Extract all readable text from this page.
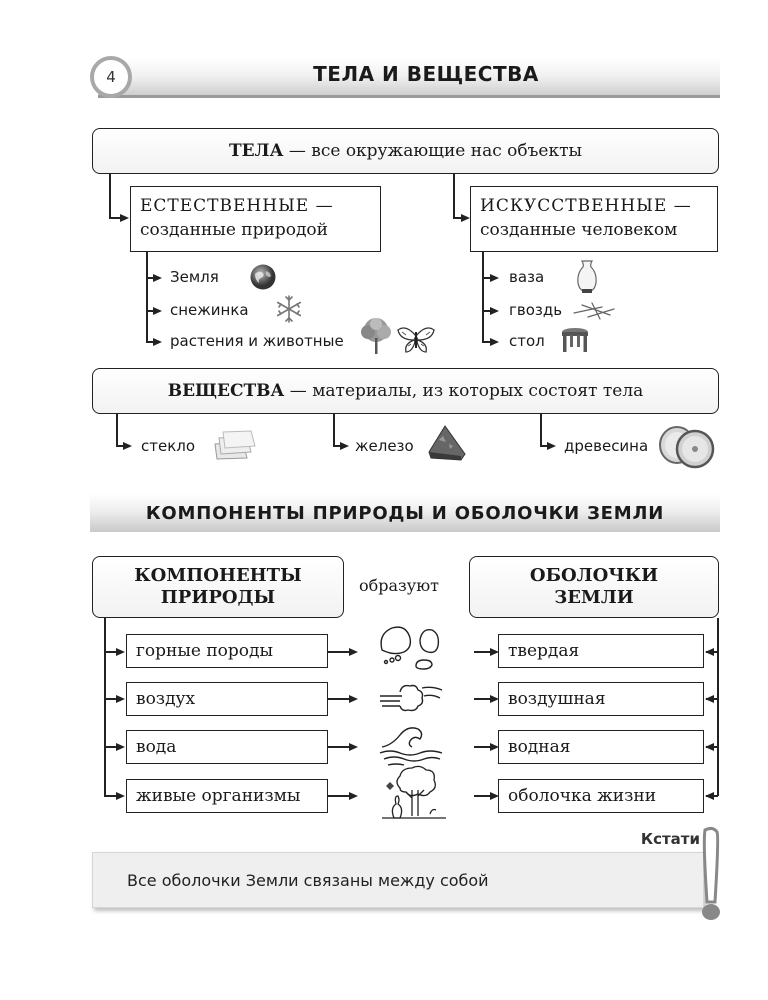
4	ТЕЛА И ВЕЩЕСТВА
ТЕЛА — все окружающие нас объекты
ЕСТЕСТВЕННЫЕ —
созданные природой
ИСКУССТВЕННЫЕ —
созданные человеком
Земля
снежинка
растения и животные
ваза
гвоздь
стол
ВЕЩЕСТВА — материалы, из которых состоят тела
стекло	железо	древесина
КОМПОНЕНТЫ ПРИРОДЫ И ОБОЛОЧКИ ЗЕМЛИ
КОМПОНЕНТЫ
ПРИРОДЫ
образуют	ОБОЛОЧКИ
ЗЕМЛИ
горные породы	твердая
воздух	воздушная
вода	водная
живые организмы	оболочка жизни
Кстати
Все оболочки Земли связаны между собой
